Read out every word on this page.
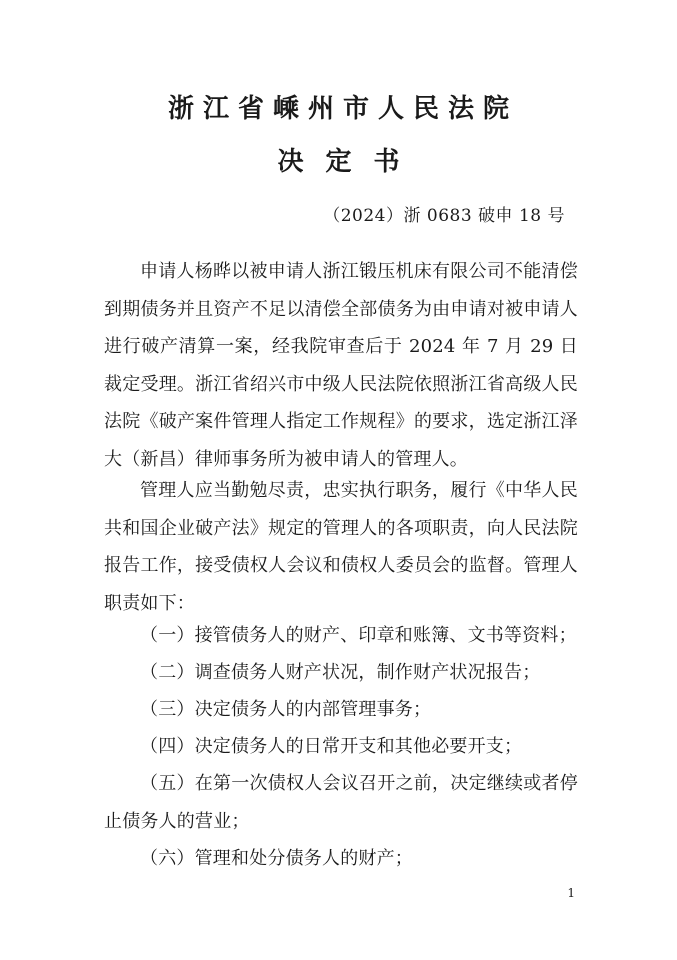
浙江省嵊州市人民法院
决定书
（2024）浙 0683 破申 18 号
申请人杨晔以被申请人浙江锻压机床有限公司不能清偿到期债务并且资产不足以清偿全部债务为由申请对被申请人进行破产清算一案，经我院审查后于 2024 年 7 月 29 日裁定受理。浙江省绍兴市中级人民法院依照浙江省高级人民法院《破产案件管理人指定工作规程》的要求，选定浙江泽大（新昌）律师事务所为被申请人的管理人。
管理人应当勤勉尽责，忠实执行职务，履行《中华人民共和国企业破产法》规定的管理人的各项职责，向人民法院报告工作，接受债权人会议和债权人委员会的监督。管理人职责如下：
（一）接管债务人的财产、印章和账簿、文书等资料；
（二）调查债务人财产状况，制作财产状况报告；
（三）决定债务人的内部管理事务；
（四）决定债务人的日常开支和其他必要开支；
（五）在第一次债权人会议召开之前，决定继续或者停止债务人的营业；
（六）管理和处分债务人的财产；
1
